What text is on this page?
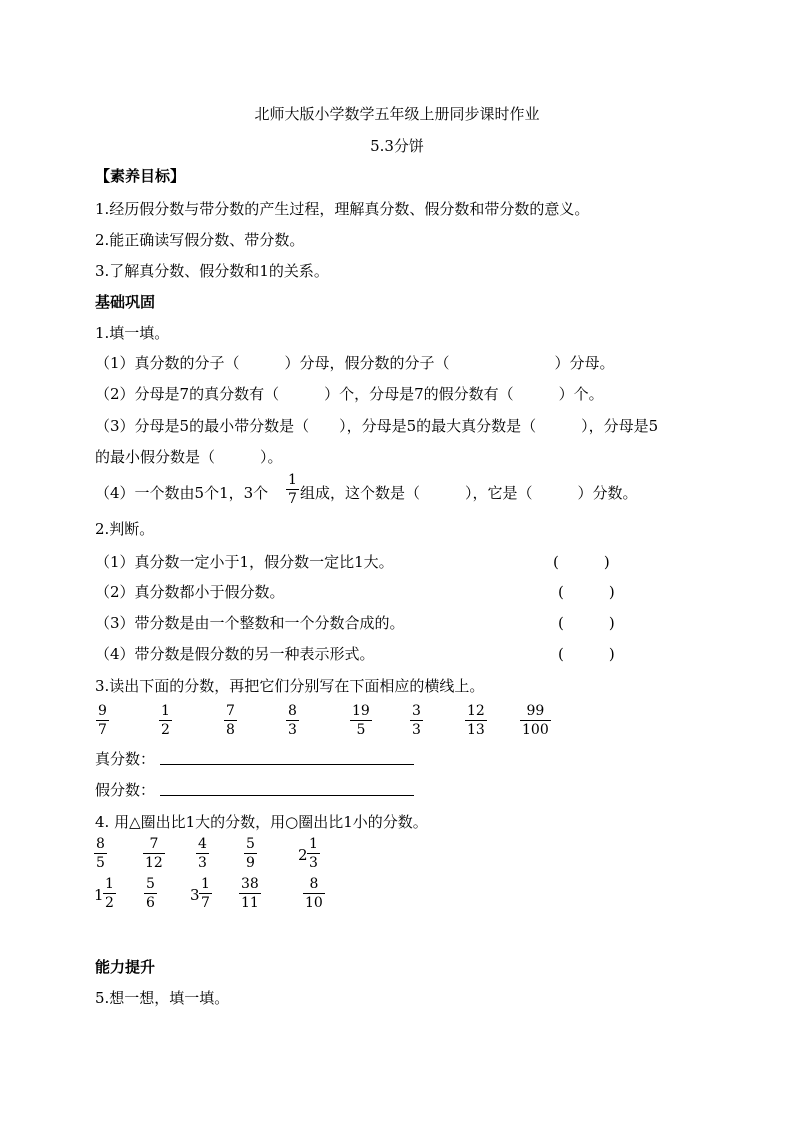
北师大版小学数学五年级上册同步课时作业
5.3分饼
【素养目标】
1.经历假分数与带分数的产生过程，理解真分数、假分数和带分数的意义。
2.能正确读写假分数、带分数。
3.了解真分数、假分数和1的关系。
基础巩固
1.填一填。
（1）真分数的分子（　　　）分母，假分数的分子（　　　　　　　）分母。
（2）分母是7的真分数有（　　　）个，分母是7的假分数有（　　　）个。
（3）分母是5的最小带分数是（　　），分母是5的最大真分数是（　　　），分母是5
的最小假分数是（　　　）。
（4）一个数由5个1，3个
1
7 组成，这个数是（　　　），它是（　　　）分数。
2.判断。
（1）真分数一定小于1，假分数一定比1大。	(　　　)
（2）真分数都小于假分数。	(　　　)
（3）带分数是由一个整数和一个分数合成的。	(　　　)
（4）带分数是假分数的另一种表示形式。	(　　　)
3.读出下面的分数，再把它们分别写在下面相应的横线上。
9
7
1
2
7
8
8
3
19
5
3
3
12
13
99
100
真分数：
假分数：
4. 用△圈出比1大的分数，用○圈出比1小的分数。
8
5
7
12
4
3
5
9	2
1
3
1
1
2
5
6 3
1
7
38
11
8
10
能力提升
5.想一想，填一填。
